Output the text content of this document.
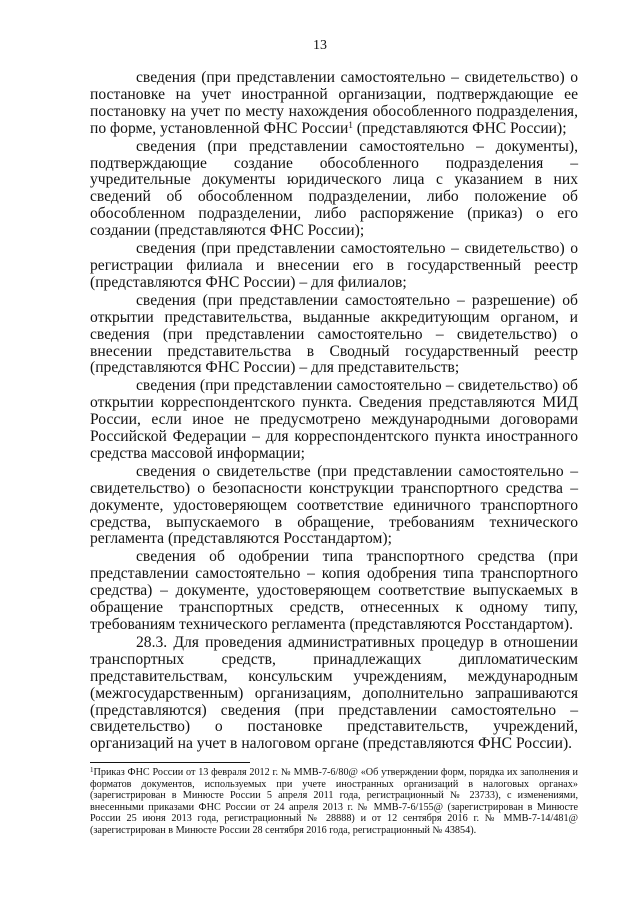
13

сведения (при представлении самостоятельно – свидетельство) о постановке на учет иностранной организации, подтверждающие ее постановку на учет по месту нахождения обособленного подразделения, по форме, установленной ФНС России$^1$ (представляются ФНС России);

сведения (при представлении самостоятельно – документы), подтверждающие создание обособленного подразделения – учредительные документы юридического лица с указанием в них сведений об обособленном подразделении, либо положение об обособленном подразделении, либо распоряжение (приказ) о его создании (представляются ФНС России);

сведения (при представлении самостоятельно – свидетельство) о регистрации филиала и внесении его в государственный реестр (представляются ФНС России) – для филиалов;

сведения (при представлении самостоятельно – разрешение) об открытии представительства, выданные аккредитующим органом, и сведения (при представлении самостоятельно – свидетельство) о внесении представительства в Сводный государственный реестр (представляются ФНС России) – для представительств;

сведения (при представлении самостоятельно – свидетельство) об открытии корреспондентского пункта. Сведения представляются МИД России, если иное не предусмотрено международными договорами Российской Федерации – для корреспондентского пункта иностранного средства массовой информации;

сведения о свидетельстве (при представлении самостоятельно – свидетельство) о безопасности конструкции транспортного средства – документе, удостоверяющем соответствие единичного транспортного средства, выпускаемого в обращение, требованиям технического регламента (представляются Росстандартом);

сведения об одобрении типа транспортного средства (при представлении самостоятельно – копия одобрения типа транспортного средства) – документе, удостоверяющем соответствие выпускаемых в обращение транспортных средств, отнесенных к одному типу, требованиям технического регламента (представляются Росстандартом).

28.3. Для проведения административных процедур в отношении транспортных средств, принадлежащих дипломатическим представительствам, консульским учреждениям, международным (межгосударственным) организациям, дополнительно запрашиваются (представляются) сведения (при представлении самостоятельно – свидетельство) о постановке представительств, учреждений, организаций на учет в налоговом органе (представляются ФНС России).

$^1$Приказ ФНС России от 13 февраля 2012 г. № ММВ-7-6/80@ «Об утверждении форм, порядка их заполнения и форматов документов, используемых при учете иностранных организаций в налоговых органах» (зарегистрирован в Минюсте России 5 апреля 2011 года, регистрационный № 23733), с изменениями, внесенными приказами ФНС России от 24 апреля 2013 г. № ММВ-7-6/155@ (зарегистрирован в Минюсте России 25 июня 2013 года, регистрационный № 28888) и от 12 сентября 2016 г. № ММВ-7-14/481@ (зарегистрирован в Минюсте России 28 сентября 2016 года, регистрационный № 43854).
